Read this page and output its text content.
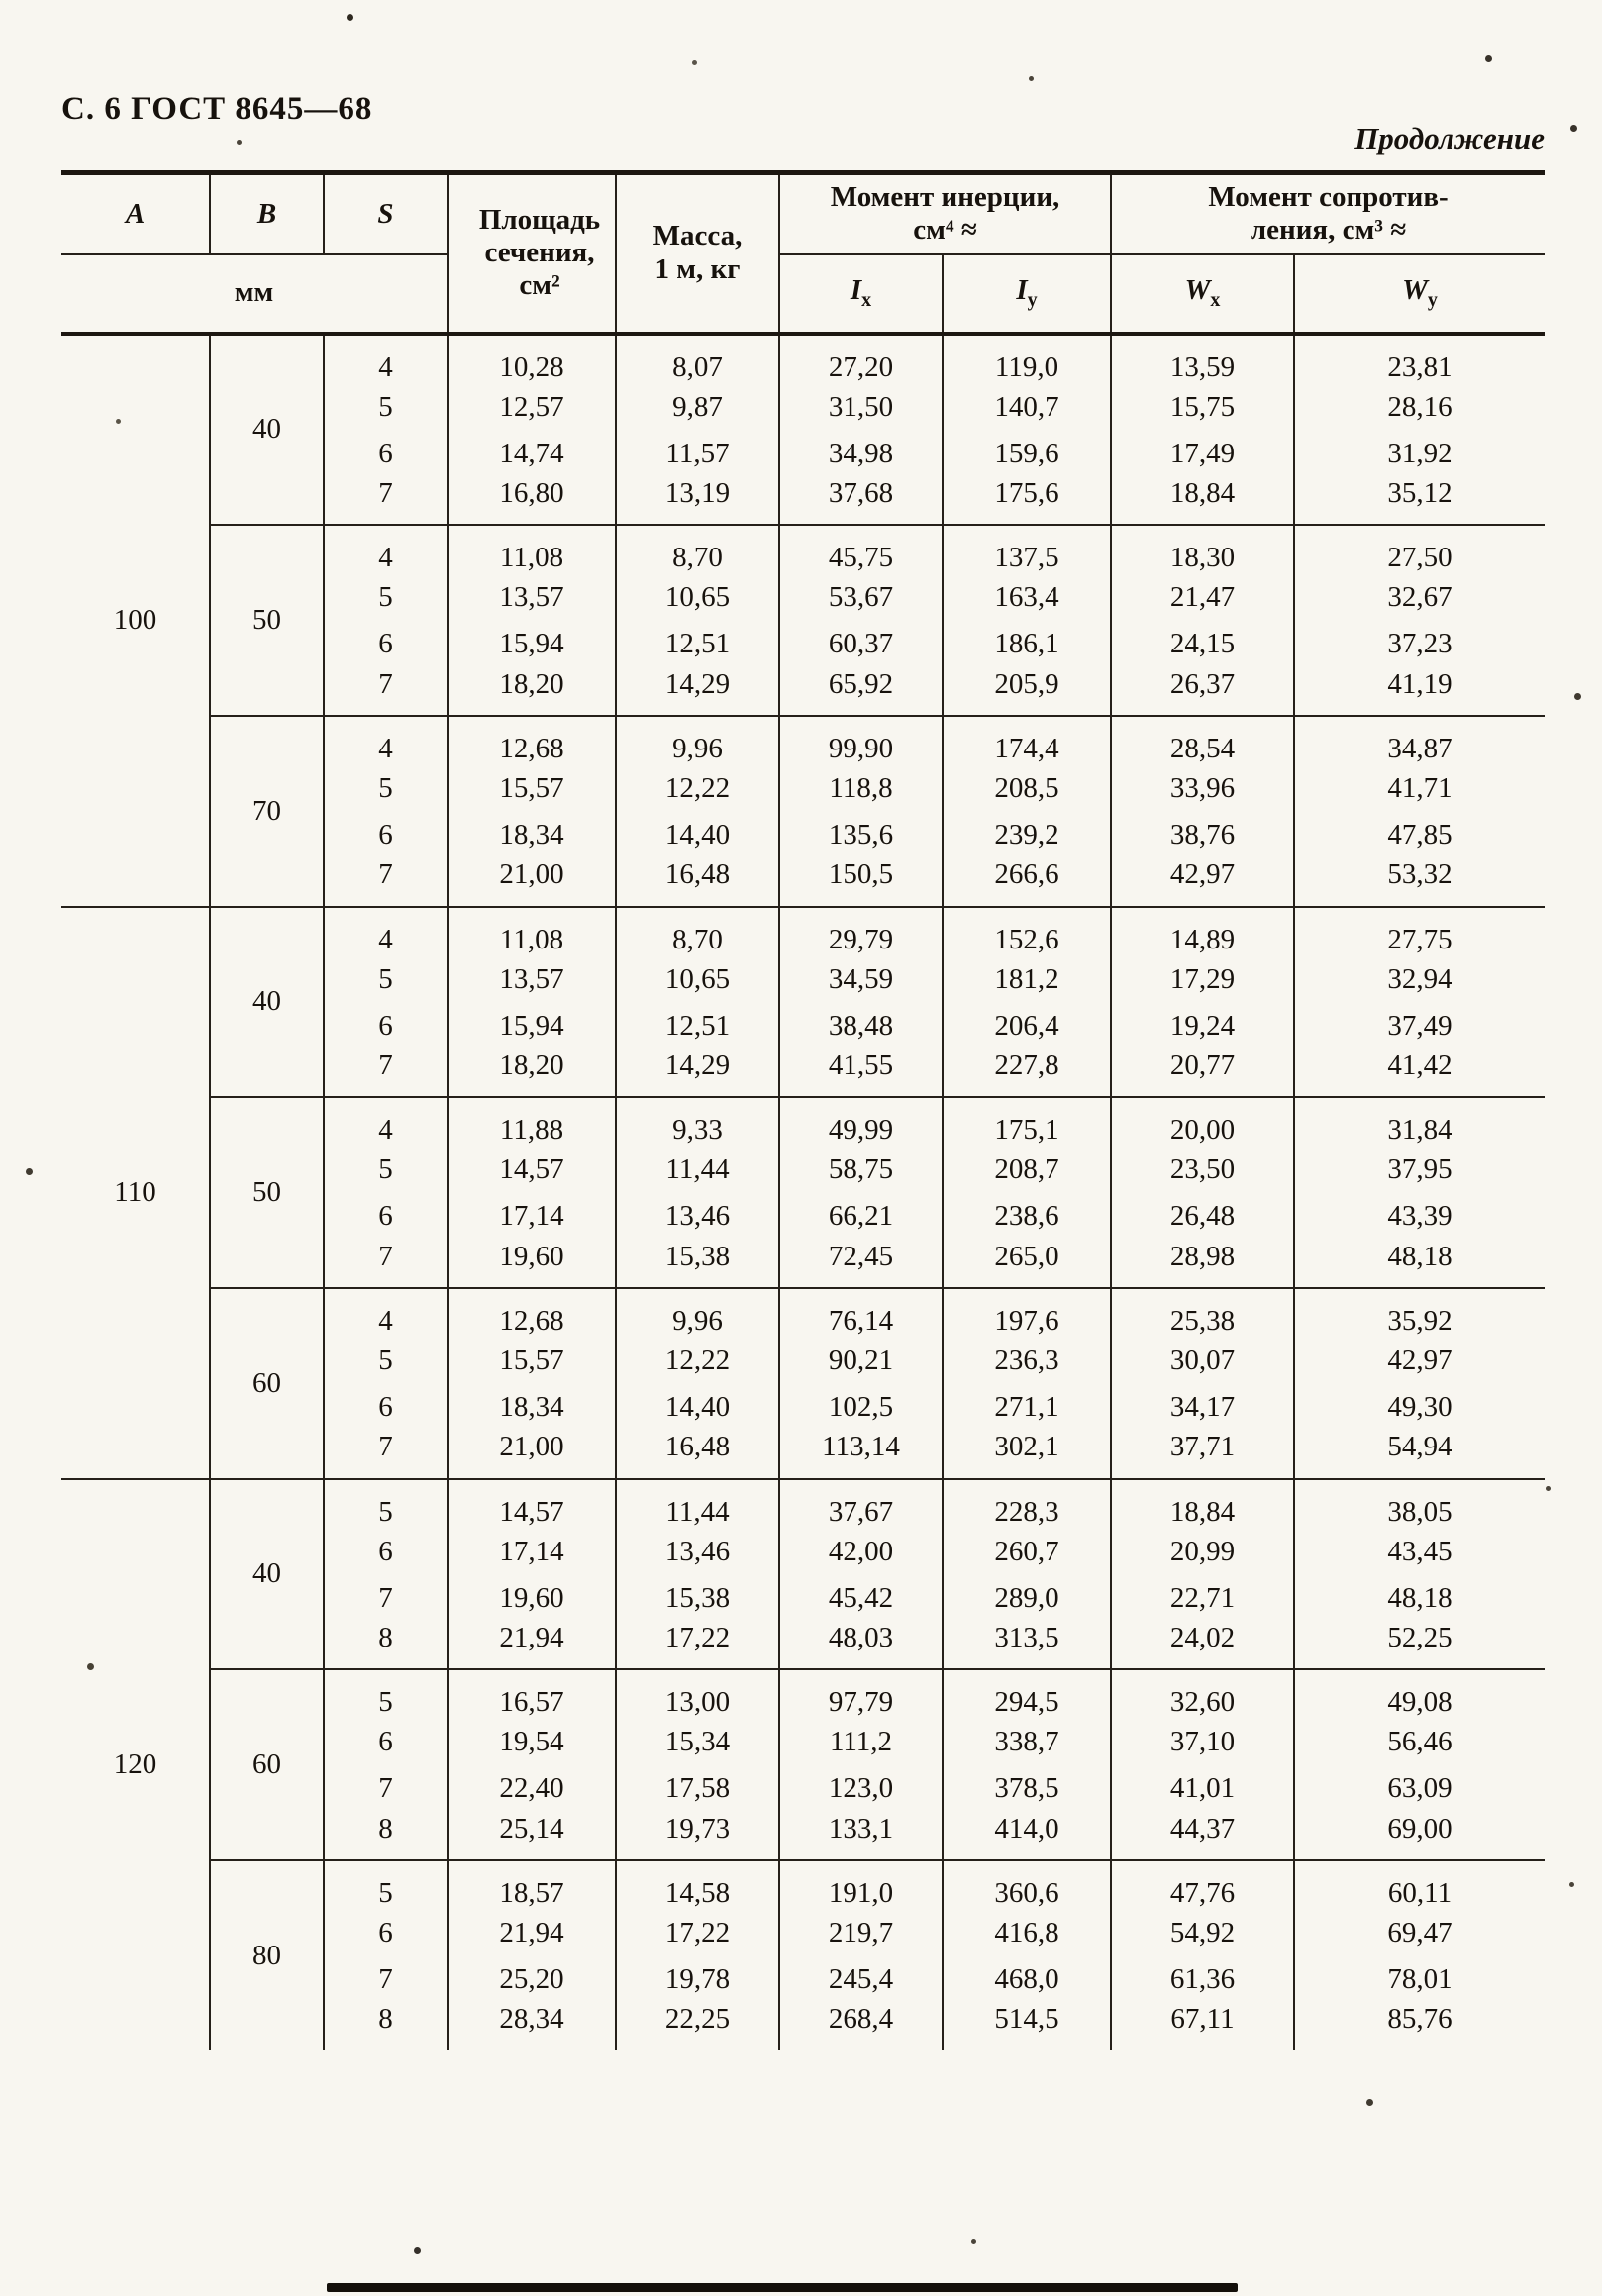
С. 6 ГОСТ 8645—68
Продолжение
А	В	S	Площадь
сечения,
см²	Масса,
1 м, кг	Момент инерции,
см⁴ ≈		Момент сопротив-
ления, см³ ≈	
мм					$I_х$	$I_у$	$W_х$	$W_у$
100	40	4	10,28	8,07	27,20	119,0	13,59	23,81
		5	12,57	9,87	31,50	140,7	15,75	28,16
		6	14,74	11,57	34,98	159,6	17,49	31,92
		7	16,80	13,19	37,68	175,6	18,84	35,12
	50	4	11,08	8,70	45,75	137,5	18,30	27,50
		5	13,57	10,65	53,67	163,4	21,47	32,67
		6	15,94	12,51	60,37	186,1	24,15	37,23
		7	18,20	14,29	65,92	205,9	26,37	41,19
	70	4	12,68	9,96	99,90	174,4	28,54	34,87
		5	15,57	12,22	118,8	208,5	33,96	41,71
		6	18,34	14,40	135,6	239,2	38,76	47,85
		7	21,00	16,48	150,5	266,6	42,97	53,32
110	40	4	11,08	8,70	29,79	152,6	14,89	27,75
		5	13,57	10,65	34,59	181,2	17,29	32,94
		6	15,94	12,51	38,48	206,4	19,24	37,49
		7	18,20	14,29	41,55	227,8	20,77	41,42
	50	4	11,88	9,33	49,99	175,1	20,00	31,84
		5	14,57	11,44	58,75	208,7	23,50	37,95
		6	17,14	13,46	66,21	238,6	26,48	43,39
		7	19,60	15,38	72,45	265,0	28,98	48,18
	60	4	12,68	9,96	76,14	197,6	25,38	35,92
		5	15,57	12,22	90,21	236,3	30,07	42,97
		6	18,34	14,40	102,5	271,1	34,17	49,30
		7	21,00	16,48	113,14	302,1	37,71	54,94
120	40	5	14,57	11,44	37,67	228,3	18,84	38,05
		6	17,14	13,46	42,00	260,7	20,99	43,45
		7	19,60	15,38	45,42	289,0	22,71	48,18
		8	21,94	17,22	48,03	313,5	24,02	52,25
	60	5	16,57	13,00	97,79	294,5	32,60	49,08
		6	19,54	15,34	111,2	338,7	37,10	56,46
		7	22,40	17,58	123,0	378,5	41,01	63,09
		8	25,14	19,73	133,1	414,0	44,37	69,00
	80	5	18,57	14,58	191,0	360,6	47,76	60,11
		6	21,94	17,22	219,7	416,8	54,92	69,47
		7	25,20	19,78	245,4	468,0	61,36	78,01
		8	28,34	22,25	268,4	514,5	67,11	85,76
